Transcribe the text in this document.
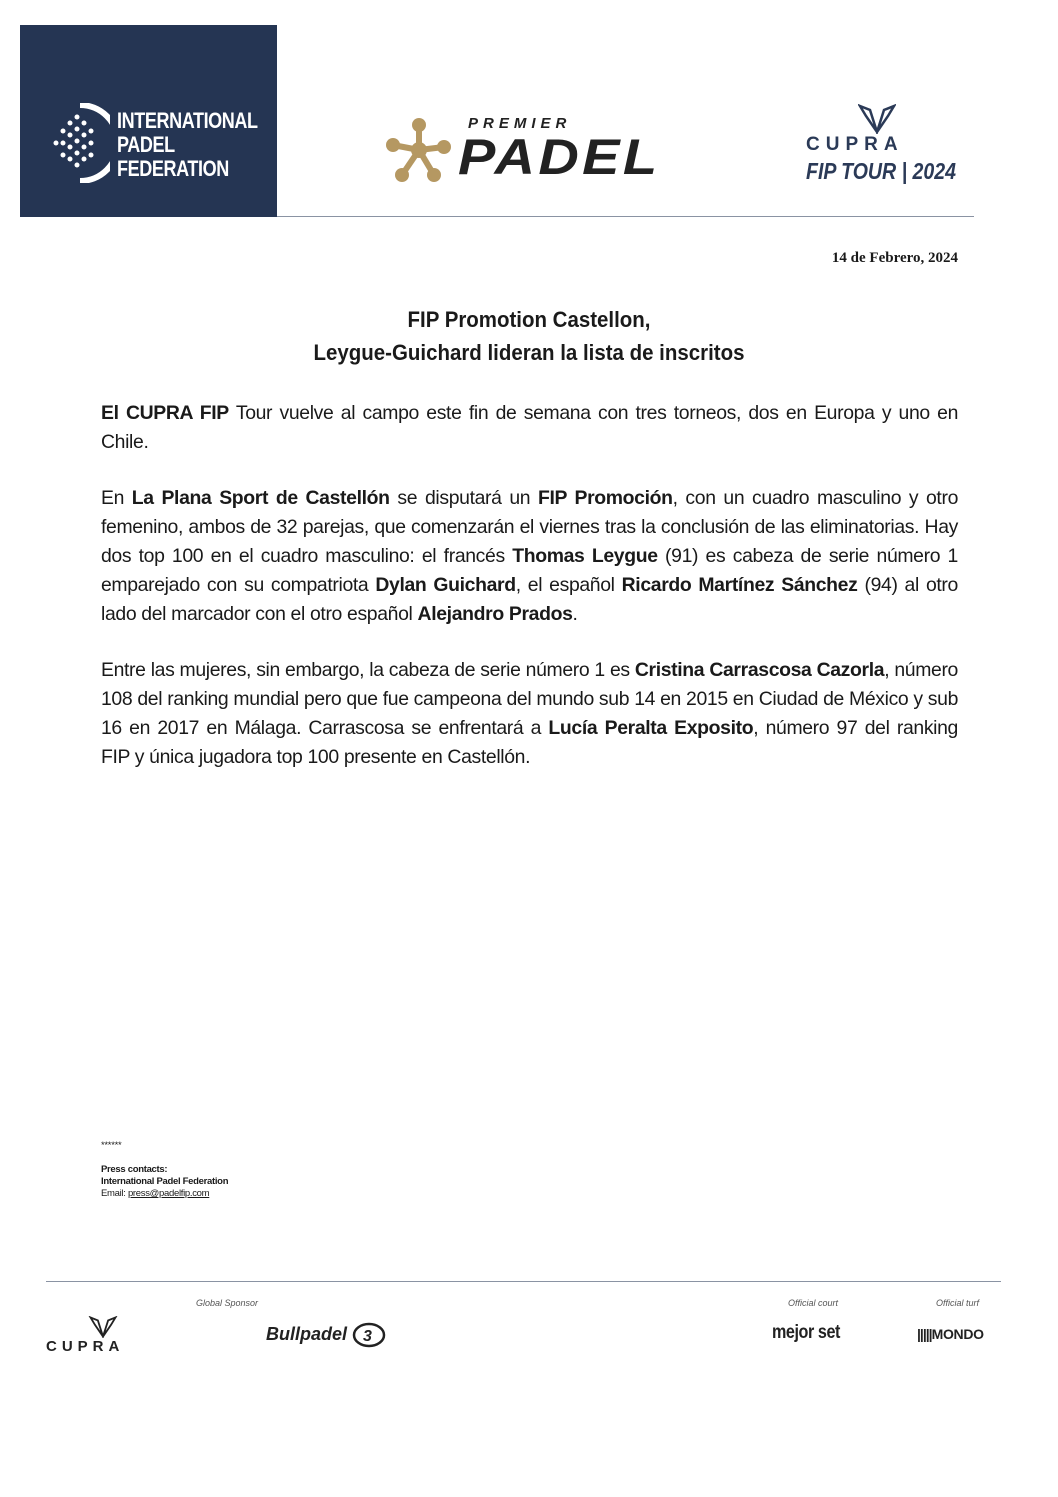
INTERNATIONAL
PADEL
FEDERATION
PREMIER
PADEL	CUPRA
FIP TOUR | 2024
14 de Febrero, 2024
FIP Promotion Castellon,
Leygue-Guichard lideran la lista de inscritos
El CUPRA FIP Tour vuelve al campo este fin de semana con tres torneos, dos en Europa y uno en Chile.
En La Plana Sport de Castellón se disputará un FIP Promoción, con un cuadro masculino y otro femenino, ambos de 32 parejas, que comenzarán el viernes tras la conclusión de las eliminatorias. Hay dos top 100 en el cuadro masculino: el francés Thomas Leygue (91) es cabeza de serie número 1 emparejado con su compatriota Dylan Guichard, el español Ricardo Martínez Sánchez (94) al otro lado del marcador con el otro español Alejandro Prados.
Entre las mujeres, sin embargo, la cabeza de serie número 1 es Cristina Carrascosa Cazorla, número 108 del ranking mundial pero que fue campeona del mundo sub 14 en 2015 en Ciudad de México y sub 16 en 2017 en Málaga. Carrascosa se enfrentará a Lucía Peralta Exposito, número 97 del ranking FIP y única jugadora top 100 presente en Castellón.
******
Press contacts:
International Padel Federation
Email: press@padelfip.com
Global Sponsor	Official court	Official turf
CUPRA
Bullpadel 3	mejor set	|||||MONDO
